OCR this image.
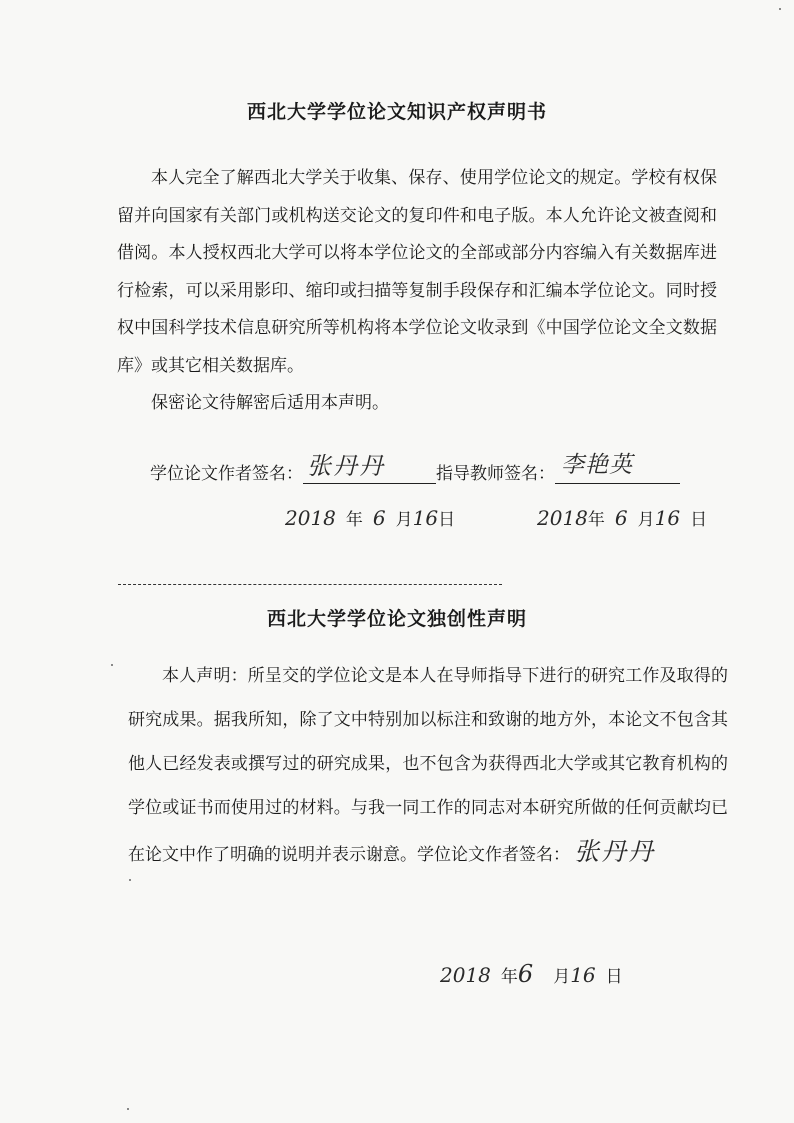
西北大学学位论文知识产权声明书

本人完全了解西北大学关于收集、保存、使用学位论文的规定。学校有权保留并向国家有关部门或机构送交论文的复印件和电子版。本人允许论文被查阅和借阅。本人授权西北大学可以将本学位论文的全部或部分内容编入有关数据库进行检索，可以采用影印、缩印或扫描等复制手段保存和汇编本学位论文。同时授权中国科学技术信息研究所等机构将本学位论文收录到《中国学位论文全文数据库》或其它相关数据库。

保密论文待解密后适用本声明。

学位论文作者签名： 张丹丹	指导教师签名： 李艳英
2018 年 6 月16日	2018年 6 月16 日
西北大学学位论文独创性声明

本人声明：所呈交的学位论文是本人在导师指导下进行的研究工作及取得的研究成果。据我所知，除了文中特别加以标注和致谢的地方外，本论文不包含其他人已经发表或撰写过的研究成果，也不包含为获得西北大学或其它教育机构的学位或证书而使用过的材料。与我一同工作的同志对本研究所做的任何贡献均已在论文中作了明确的说明并表示谢意。学位论文作者签名： 张丹丹

2018 年6 月16 日
